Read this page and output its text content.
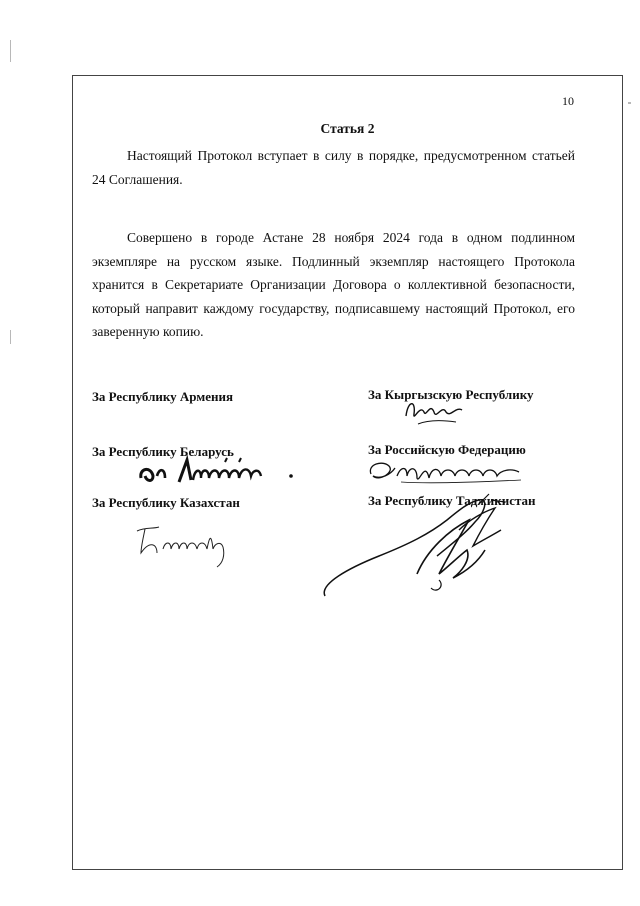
10
Статья 2

Настоящий Протокол вступает в силу в порядке, предусмотренном статьей 24 Соглашения.

Совершено в городе Астане 28 ноября 2024 года в одном подлинном экземпляре на русском языке. Подлинный экземпляр настоящего Протокола хранится в Секретариате Организации Договора о коллективной безопасности, который направит каждому государству, подписавшему настоящий Протокол, его заверенную копию.

За Республику Армения	За Кыргызскую Республику
За Республику Беларусь	За Российскую Федерацию
За Республику Казахстан	За Республику Таджикистан
